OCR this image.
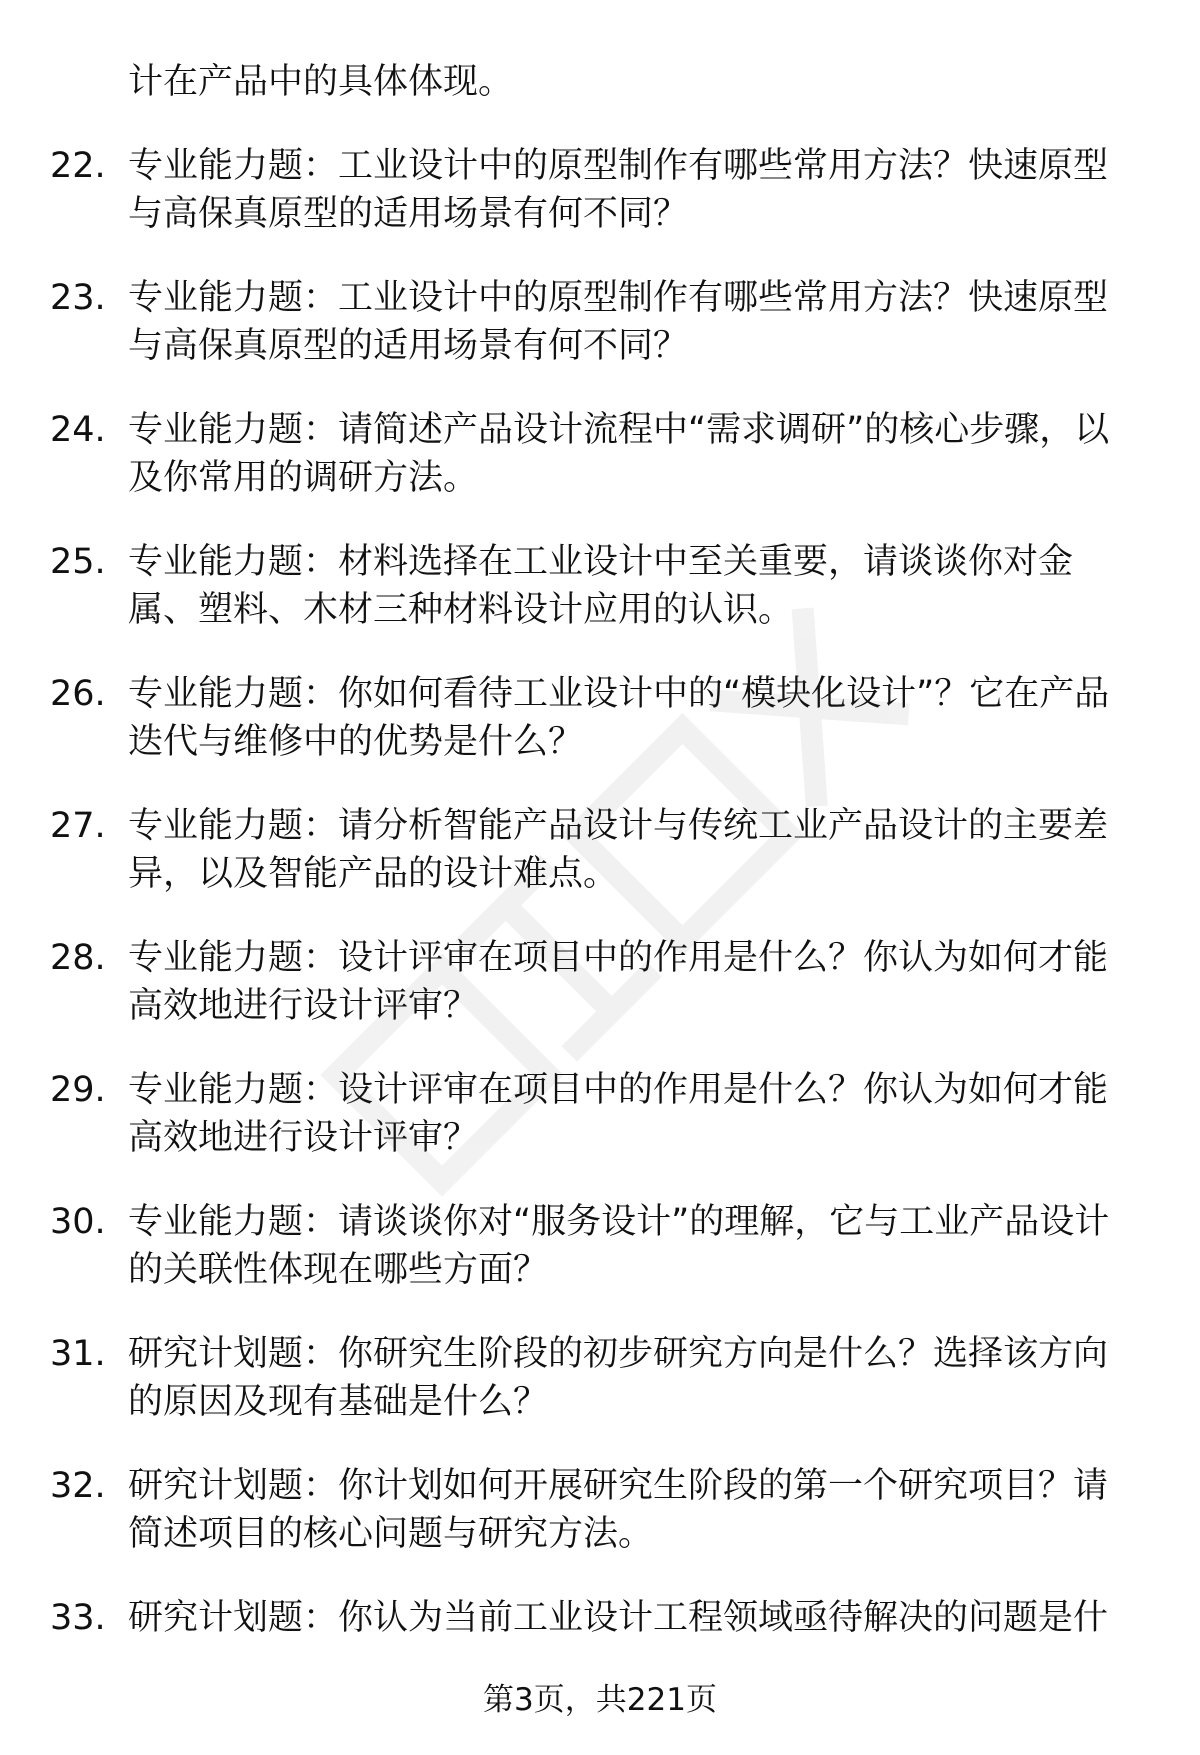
计在产品中的具体体现。
22. 专业能力题：工业设计中的原型制作有哪些常用方法？快速原型与高保真原型的适用场景有何不同？
23. 专业能力题：工业设计中的原型制作有哪些常用方法？快速原型与高保真原型的适用场景有何不同？
24. 专业能力题：请简述产品设计流程中“需求调研”的核心步骤，以及你常用的调研方法。
25. 专业能力题：材料选择在工业设计中至关重要，请谈谈你对金属、塑料、木材三种材料设计应用的认识。
26. 专业能力题：你如何看待工业设计中的“模块化设计”？它在产品迭代与维修中的优势是什么？
27. 专业能力题：请分析智能产品设计与传统工业产品设计的主要差异，以及智能产品的设计难点。
28. 专业能力题：设计评审在项目中的作用是什么？你认为如何才能高效地进行设计评审？
29. 专业能力题：设计评审在项目中的作用是什么？你认为如何才能高效地进行设计评审？
30. 专业能力题：请谈谈你对“服务设计”的理解，它与工业产品设计的关联性体现在哪些方面？
31. 研究计划题：你研究生阶段的初步研究方向是什么？选择该方向的原因及现有基础是什么？
32. 研究计划题：你计划如何开展研究生阶段的第一个研究项目？请简述项目的核心问题与研究方法。
33. 研究计划题：你认为当前工业设计工程领域亟待解决的问题是什
第3页，共221页
